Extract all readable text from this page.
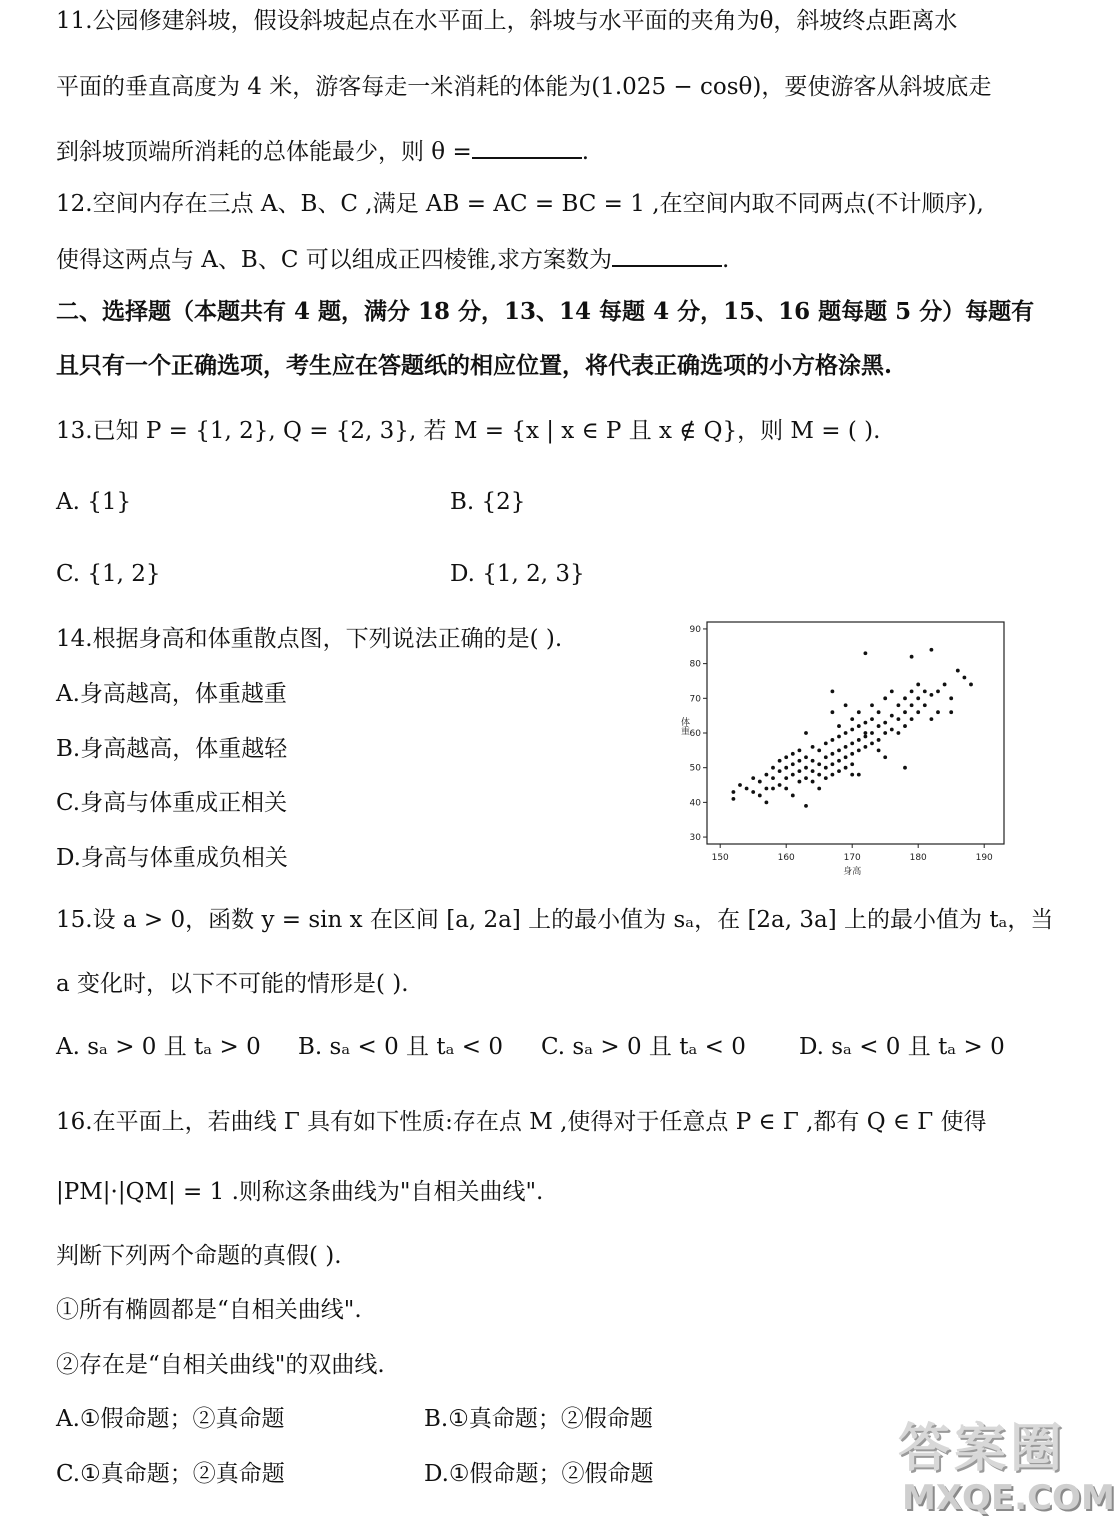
11.公园修建斜坡，假设斜坡起点在水平面上，斜坡与水平面的夹角为θ，斜坡终点距离水
平面的垂直高度为 4 米，游客每走一米消耗的体能为(1.025 − cosθ)，要使游客从斜坡底走
到斜坡顶端所消耗的总体能最少，则 θ =	.
12.空间内存在三点 A、B、C ,满足 AB = AC = BC = 1 ,在空间内取不同两点(不计顺序),
使得这两点与 A、B、C 可以组成正四棱锥,求方案数为	.
二、选择题（本题共有 4 题，满分 18 分，13、14 每题 4 分，15、16 题每题 5 分）每题有
且只有一个正确选项，考生应在答题纸的相应位置，将代表正确选项的小方格涂黑.
13.已知 P = {1, 2}, Q = {2, 3}, 若 M = {x | x ∈ P 且 x ∉ Q}，则 M = ( ).
A. {1}	B. {2}
C. {1, 2}	D. {1, 2, 3}
14.根据身高和体重散点图，下列说法正确的是( ).
A.身高越高，体重越重
B.身高越高，体重越轻
C.身高与体重成正相关
D.身高与体重成负相关	150	160	170	180	190
30
40
50
60
70
80
90
身高
体重
15.设 a > 0，函数 y = sin x 在区间 [a, 2a] 上的最小值为 sₐ，在 [2a, 3a] 上的最小值为 tₐ，当
a 变化时，以下不可能的情形是( ).
A. sₐ > 0 且 tₐ > 0 B. sₐ < 0 且 tₐ < 0 C. sₐ > 0 且 tₐ < 0 D. sₐ < 0 且 tₐ > 0
16.在平面上，若曲线 Γ 具有如下性质:存在点 M ,使得对于任意点 P ∈ Γ ,都有 Q ∈ Γ 使得
|PM|·|QM| = 1 .则称这条曲线为"自相关曲线".
判断下列两个命题的真假( ).
①所有椭圆都是“自相关曲线".
②存在是“自相关曲线"的双曲线.
A.①假命题；②真命题	B.①真命题；②假命题
C.①真命题；②真命题	D.①假命题；②假命题	答案圈
MXQE.COM
